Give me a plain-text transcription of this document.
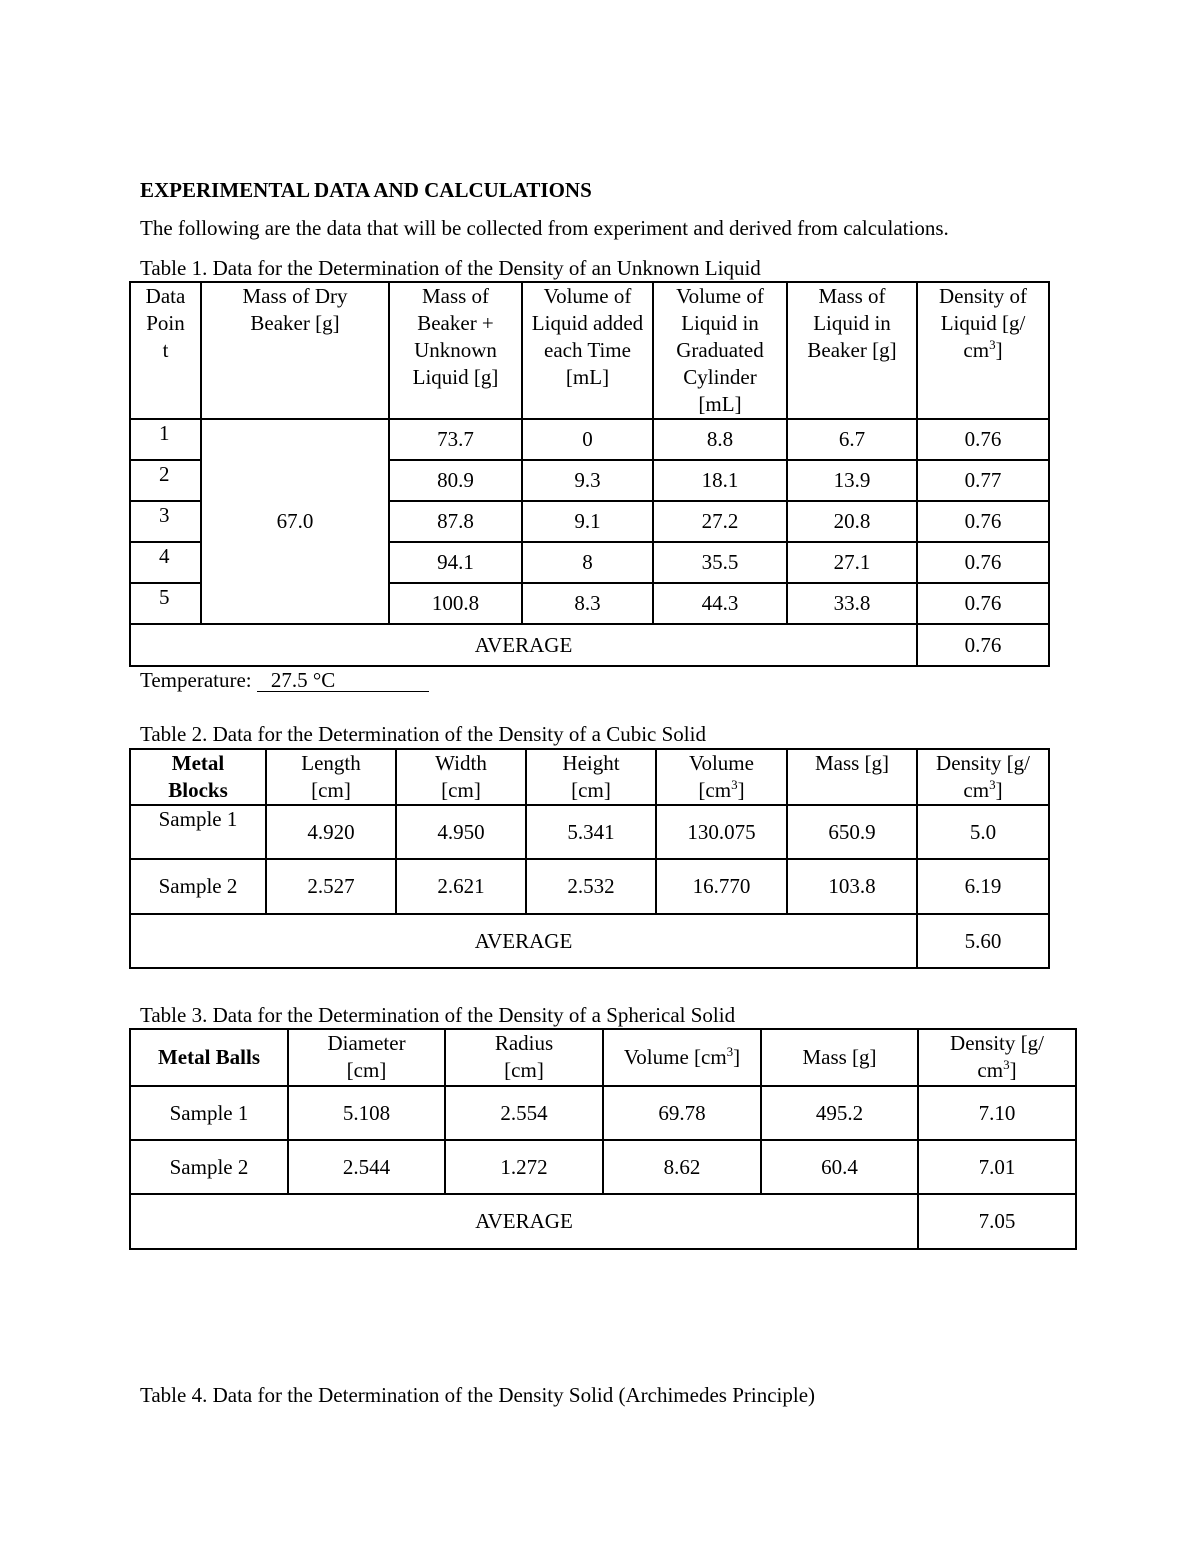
EXPERIMENTAL DATA AND CALCULATIONS
The following are the data that will be collected from experiment and derived from calculations.
Table 1. Data for the Determination of the Density of an Unknown Liquid
Data Poin t	Mass of Dry Beaker [g]	Mass of Beaker + Unknown Liquid [g]	Volume of Liquid added each Time [mL]	Volume of Liquid in Graduated Cylinder [mL]	Mass of Liquid in Beaker [g]	Density of Liquid [g/ $cm^3$]
1	67.0	73.7	0	8.8	6.7	0.76
2		80.9	9.3	18.1	13.9	0.77
3		87.8	9.1	27.2	20.8	0.76
4		94.1	8	35.5	27.1	0.76
5		100.8	8.3	44.3	33.8	0.76
AVERAGE						0.76
Temperature: 27.5 °C
Table 2. Data for the Determination of the Density of a Cubic Solid
Metal Blocks	Length [cm]	Width [cm]	Height [cm]	Volume $[cm^3]$	Mass [g]	Density [g/ $cm^3$]
Sample 1	4.920	4.950	5.341	130.075	650.9	5.0
Sample 2	2.527	2.621	2.532	16.770	103.8	6.19
AVERAGE						5.60
Table 3. Data for the Determination of the Density of a Spherical Solid
Metal Balls	Diameter [cm]	Radius [cm]	Volume $[cm^3]$	Mass [g]	Density [g/ $cm^3$]
Sample 1	5.108	2.554	69.78	495.2	7.10
Sample 2	2.544	1.272	8.62	60.4	7.01
AVERAGE					7.05
Table 4. Data for the Determination of the Density Solid (Archimedes Principle)
